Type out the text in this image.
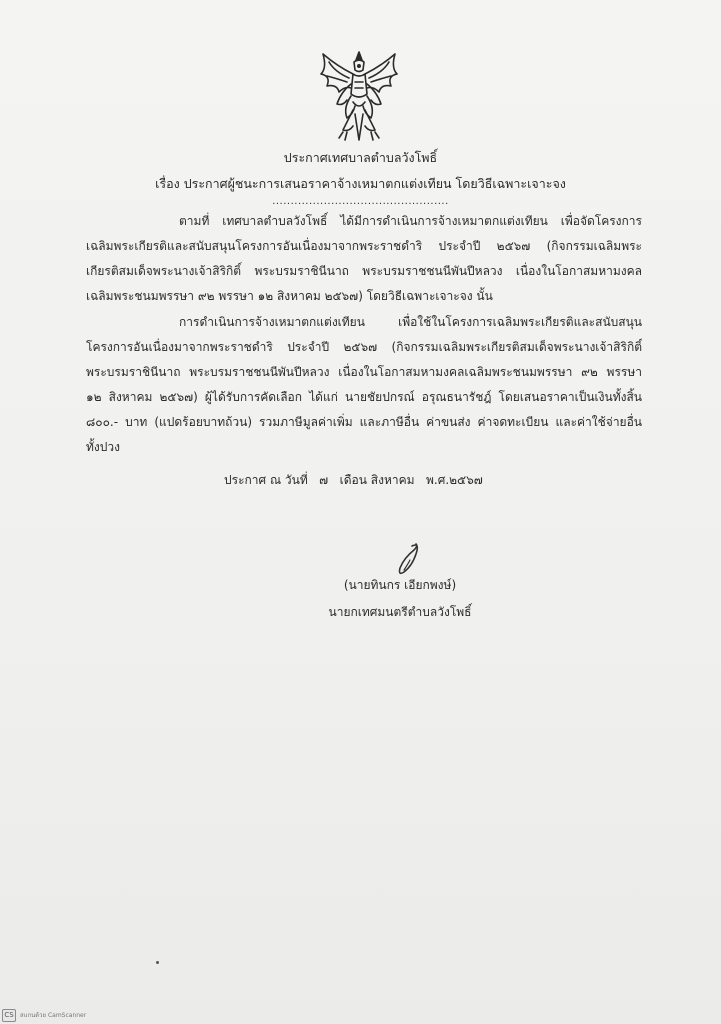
ประกาศเทศบาลตำบลวังโพธิ์
เรื่อง ประกาศผู้ชนะการเสนอราคาจ้างเหมาตกแต่งเทียน โดยวิธีเฉพาะเจาะจง
................................................
ตามที่ เทศบาลตำบลวังโพธิ์ ได้มีการดำเนินการจ้างเหมาตกแต่งเทียน เพื่อจัดโครงการ
เฉลิมพระเกียรติและสนับสนุนโครงการอันเนื่องมาจากพระราชดำริ ประจำปี ๒๕๖๗ (กิจกรรมเฉลิมพระ
เกียรติสมเด็จพระนางเจ้าสิริกิติ์ พระบรมราชินีนาถ พระบรมราชชนนีพันปีหลวง เนื่องในโอกาสมหามงคล
เฉลิมพระชนมพรรษา ๙๒ พรรษา ๑๒ สิงหาคม ๒๕๖๗) โดยวิธีเฉพาะเจาะจง นั้น
การดำเนินการจ้างเหมาตกแต่งเทียน เพื่อใช้ในโครงการเฉลิมพระเกียรติและสนับสนุน
โครงการอันเนื่องมาจากพระราชดำริ ประจำปี ๒๕๖๗ (กิจกรรมเฉลิมพระเกียรติสมเด็จพระนางเจ้าสิริกิติ์
พระบรมราชินีนาถ พระบรมราชชนนีพันปีหลวง เนื่องในโอกาสมหามงคลเฉลิมพระชนมพรรษา ๙๒ พรรษา
๑๒ สิงหาคม ๒๕๖๗) ผู้ได้รับการคัดเลือก ได้แก่ นายชัยปกรณ์ อรุณธนารัชฎ์ โดยเสนอราคาเป็นเงินทั้งสิ้น
๘๐๐.- บาท (แปดร้อยบาทถ้วน) รวมภาษีมูลค่าเพิ่ม และภาษีอื่น ค่าขนส่ง ค่าจดทะเบียน และค่าใช้จ่ายอื่น
ทั้งปวง
ประกาศ ณ วันที่   ๗   เดือน สิงหาคม   พ.ศ.๒๕๖๗
(นายทินกร เอียกพงษ์)
นายกเทศมนตรีตำบลวังโพธิ์
CS	สแกนด้วย CamScanner
